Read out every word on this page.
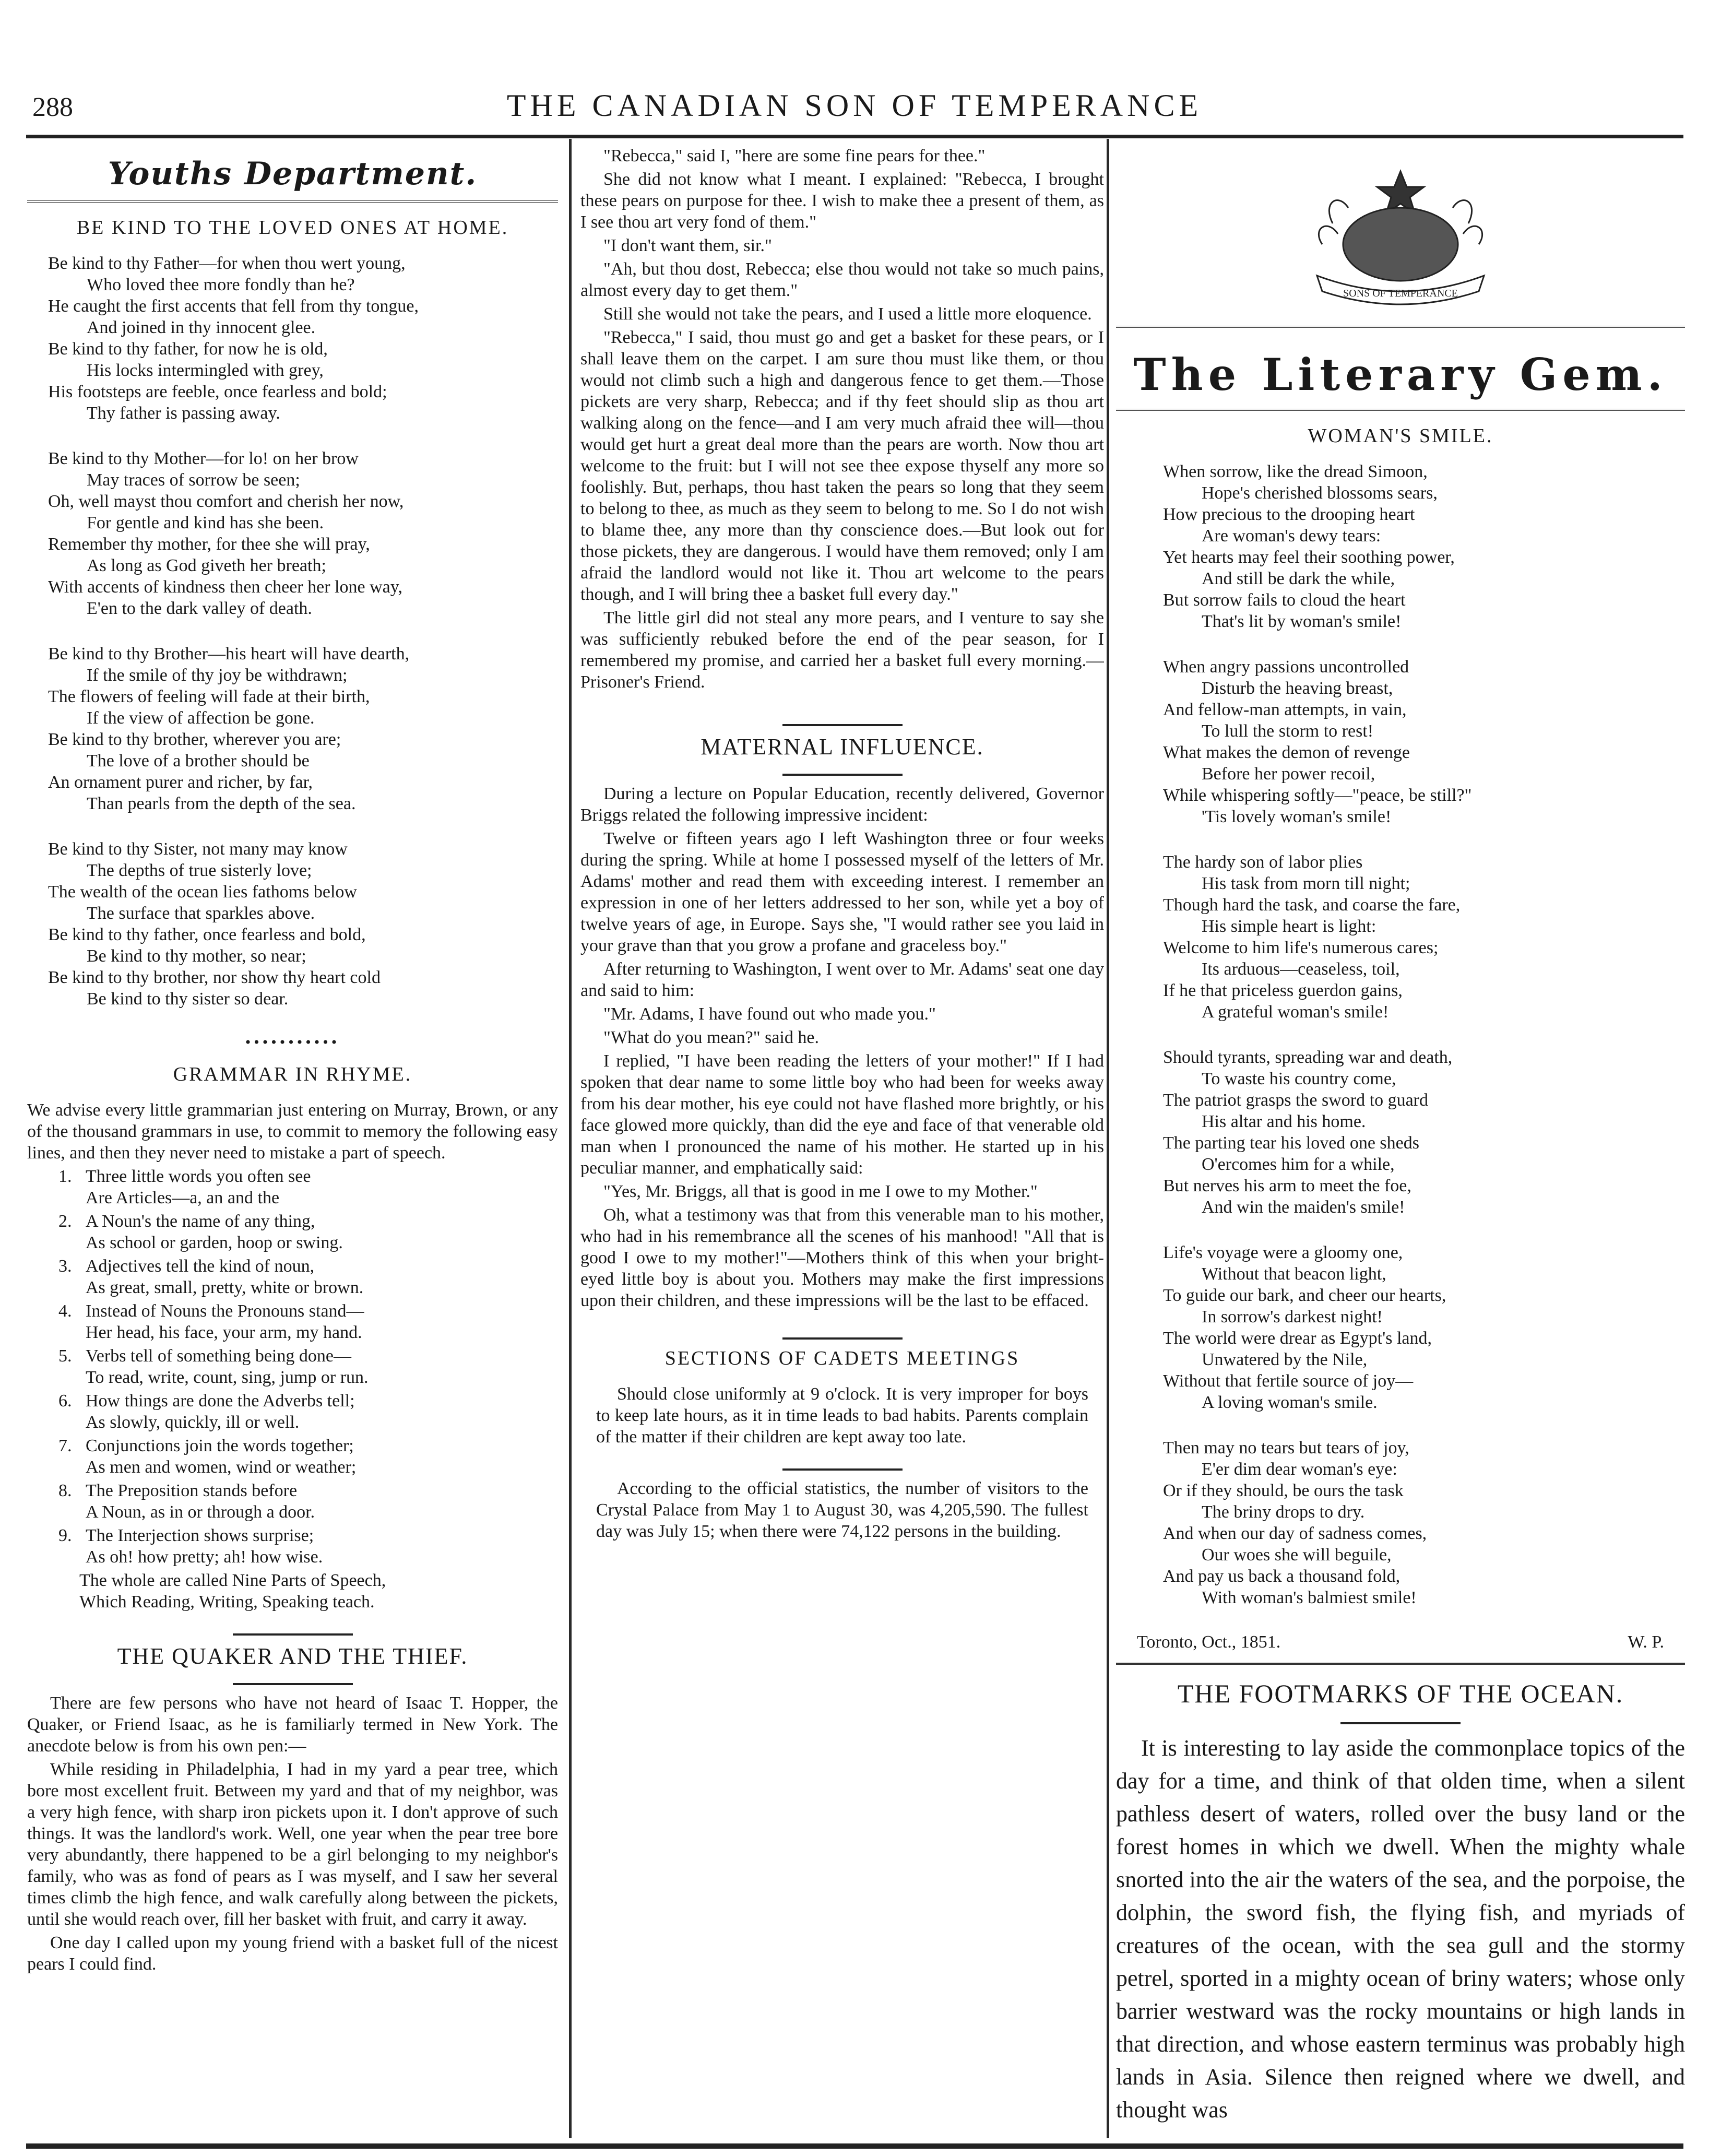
288	THE CANADIAN SON OF TEMPERANCE
Youths Department.
BE KIND TO THE LOVED ONES AT HOME.
Be kind to thy Father—for when thou wert young,
Who loved thee more fondly than he?
He caught the first accents that fell from thy tongue,
And joined in thy innocent glee.
Be kind to thy father, for now he is old,
His locks intermingled with grey,
His footsteps are feeble, once fearless and bold;
Thy father is passing away.
Be kind to thy Mother—for lo! on her brow
May traces of sorrow be seen;
Oh, well mayst thou comfort and cherish her now,
For gentle and kind has she been.
Remember thy mother, for thee she will pray,
As long as God giveth her breath;
With accents of kindness then cheer her lone way,
E'en to the dark valley of death.
Be kind to thy Brother—his heart will have dearth,
If the smile of thy joy be withdrawn;
The flowers of feeling will fade at their birth,
If the view of affection be gone.
Be kind to thy brother, wherever you are;
The love of a brother should be
An ornament purer and richer, by far,
Than pearls from the depth of the sea.
Be kind to thy Sister, not many may know
The depths of true sisterly love;
The wealth of the ocean lies fathoms below
The surface that sparkles above.
Be kind to thy father, once fearless and bold,
Be kind to thy mother, so near;
Be kind to thy brother, nor show thy heart cold
Be kind to thy sister so dear.
•••••••••••
GRAMMAR IN RHYME.

We advise every little grammarian just entering on Murray, Brown, or any of the thousand grammars in use, to commit to memory the following easy lines, and then they never need to mistake a part of speech.

1. Three little words you often see
Are Articles—a, an and the
2. A Noun's the name of any thing,
As school or garden, hoop or swing.
3. Adjectives tell the kind of noun,
As great, small, pretty, white or brown.
4. Instead of Nouns the Pronouns stand—
Her head, his face, your arm, my hand.
5. Verbs tell of something being done—
To read, write, count, sing, jump or run.
6. How things are done the Adverbs tell;
As slowly, quickly, ill or well.
7. Conjunctions join the words together;
As men and women, wind or weather;
8. The Preposition stands before
A Noun, as in or through a door.
9. The Interjection shows surprise;
As oh! how pretty; ah! how wise.
The whole are called Nine Parts of Speech,
Which Reading, Writing, Speaking teach.
THE QUAKER AND THE THIEF.

There are few persons who have not heard of Isaac T. Hopper, the Quaker, or Friend Isaac, as he is familiarly termed in New York. The anecdote below is from his own pen:—

While residing in Philadelphia, I had in my yard a pear tree, which bore most excellent fruit. Between my yard and that of my neighbor, was a very high fence, with sharp iron pickets upon it. I don't approve of such things. It was the landlord's work. Well, one year when the pear tree bore very abundantly, there happened to be a girl belonging to my neighbor's family, who was as fond of pears as I was myself, and I saw her several times climb the high fence, and walk carefully along between the pickets, until she would reach over, fill her basket with fruit, and carry it away.

One day I called upon my young friend with a basket full of the nicest pears I could find.

"Rebecca," said I, "here are some fine pears for thee."

She did not know what I meant. I explained: "Rebecca, I brought these pears on purpose for thee. I wish to make thee a present of them, as I see thou art very fond of them."

"I don't want them, sir."

"Ah, but thou dost, Rebecca; else thou would not take so much pains, almost every day to get them."

Still she would not take the pears, and I used a little more eloquence.

"Rebecca," I said, thou must go and get a basket for these pears, or I shall leave them on the carpet. I am sure thou must like them, or thou would not climb such a high and dangerous fence to get them.—Those pickets are very sharp, Rebecca; and if thy feet should slip as thou art walking along on the fence—and I am very much afraid thee will—thou would get hurt a great deal more than the pears are worth. Now thou art welcome to the fruit: but I will not see thee expose thyself any more so foolishly. But, perhaps, thou hast taken the pears so long that they seem to belong to thee, as much as they seem to belong to me. So I do not wish to blame thee, any more than thy conscience does.—But look out for those pickets, they are dangerous. I would have them removed; only I am afraid the landlord would not like it. Thou art welcome to the pears though, and I will bring thee a basket full every day."

The little girl did not steal any more pears, and I venture to say she was sufficiently rebuked before the end of the pear season, for I remembered my promise, and carried her a basket full every morning.—Prisoner's Friend.

MATERNAL INFLUENCE.

During a lecture on Popular Education, recently delivered, Governor Briggs related the following impressive incident:

Twelve or fifteen years ago I left Washington three or four weeks during the spring. While at home I possessed myself of the letters of Mr. Adams' mother and read them with exceeding interest. I remember an expression in one of her letters addressed to her son, while yet a boy of twelve years of age, in Europe. Says she, "I would rather see you laid in your grave than that you grow a profane and graceless boy."

After returning to Washington, I went over to Mr. Adams' seat one day and said to him:

"Mr. Adams, I have found out who made you."

"What do you mean?" said he.

I replied, "I have been reading the letters of your mother!" If I had spoken that dear name to some little boy who had been for weeks away from his dear mother, his eye could not have flashed more brightly, or his face glowed more quickly, than did the eye and face of that venerable old man when I pronounced the name of his mother. He started up in his peculiar manner, and emphatically said:

"Yes, Mr. Briggs, all that is good in me I owe to my Mother."

Oh, what a testimony was that from this venerable man to his mother, who had in his remembrance all the scenes of his manhood! "All that is good I owe to my mother!"—Mothers think of this when your bright-eyed little boy is about you. Mothers may make the first impressions upon their children, and these impressions will be the last to be effaced.

SECTIONS OF CADETS MEETINGS

Should close uniformly at 9 o'clock. It is very improper for boys to keep late hours, as it in time leads to bad habits. Parents complain of the matter if their children are kept away too late.

According to the official statistics, the number of visitors to the Crystal Palace from May 1 to August 30, was 4,205,590. The fullest day was July 15; when there were 74,122 persons in the building.

SONS OF TEMPERANCE
The Literary Gem.
WOMAN'S SMILE.
When sorrow, like the dread Simoon,
Hope's cherished blossoms sears,
How precious to the drooping heart
Are woman's dewy tears:
Yet hearts may feel their soothing power,
And still be dark the while,
But sorrow fails to cloud the heart
That's lit by woman's smile!
When angry passions uncontrolled
Disturb the heaving breast,
And fellow-man attempts, in vain,
To lull the storm to rest!
What makes the demon of revenge
Before her power recoil,
While whispering softly—"peace, be still?"
'Tis lovely woman's smile!
The hardy son of labor plies
His task from morn till night;
Though hard the task, and coarse the fare,
His simple heart is light:
Welcome to him life's numerous cares;
Its arduous—ceaseless, toil,
If he that priceless guerdon gains,
A grateful woman's smile!
Should tyrants, spreading war and death,
To waste his country come,
The patriot grasps the sword to guard
His altar and his home.
The parting tear his loved one sheds
O'ercomes him for a while,
But nerves his arm to meet the foe,
And win the maiden's smile!
Life's voyage were a gloomy one,
Without that beacon light,
To guide our bark, and cheer our hearts,
In sorrow's darkest night!
The world were drear as Egypt's land,
Unwatered by the Nile,
Without that fertile source of joy—
A loving woman's smile.
Then may no tears but tears of joy,
E'er dim dear woman's eye:
Or if they should, be ours the task
The briny drops to dry.
And when our day of sadness comes,
Our woes she will beguile,
And pay us back a thousand fold,
With woman's balmiest smile!
Toronto, Oct., 1851.	W. P.
THE FOOTMARKS OF THE OCEAN.

It is interesting to lay aside the commonplace topics of the day for a time, and think of that olden time, when a silent pathless desert of waters, rolled over the busy land or the forest homes in which we dwell. When the mighty whale snorted into the air the waters of the sea, and the porpoise, the dolphin, the sword fish, the flying fish, and myriads of creatures of the ocean, with the sea gull and the stormy petrel, sported in a mighty ocean of briny waters; whose only barrier westward was the rocky mountains or high lands in that direction, and whose eastern terminus was probably high lands in Asia. Silence then reigned where we dwell, and thought was
